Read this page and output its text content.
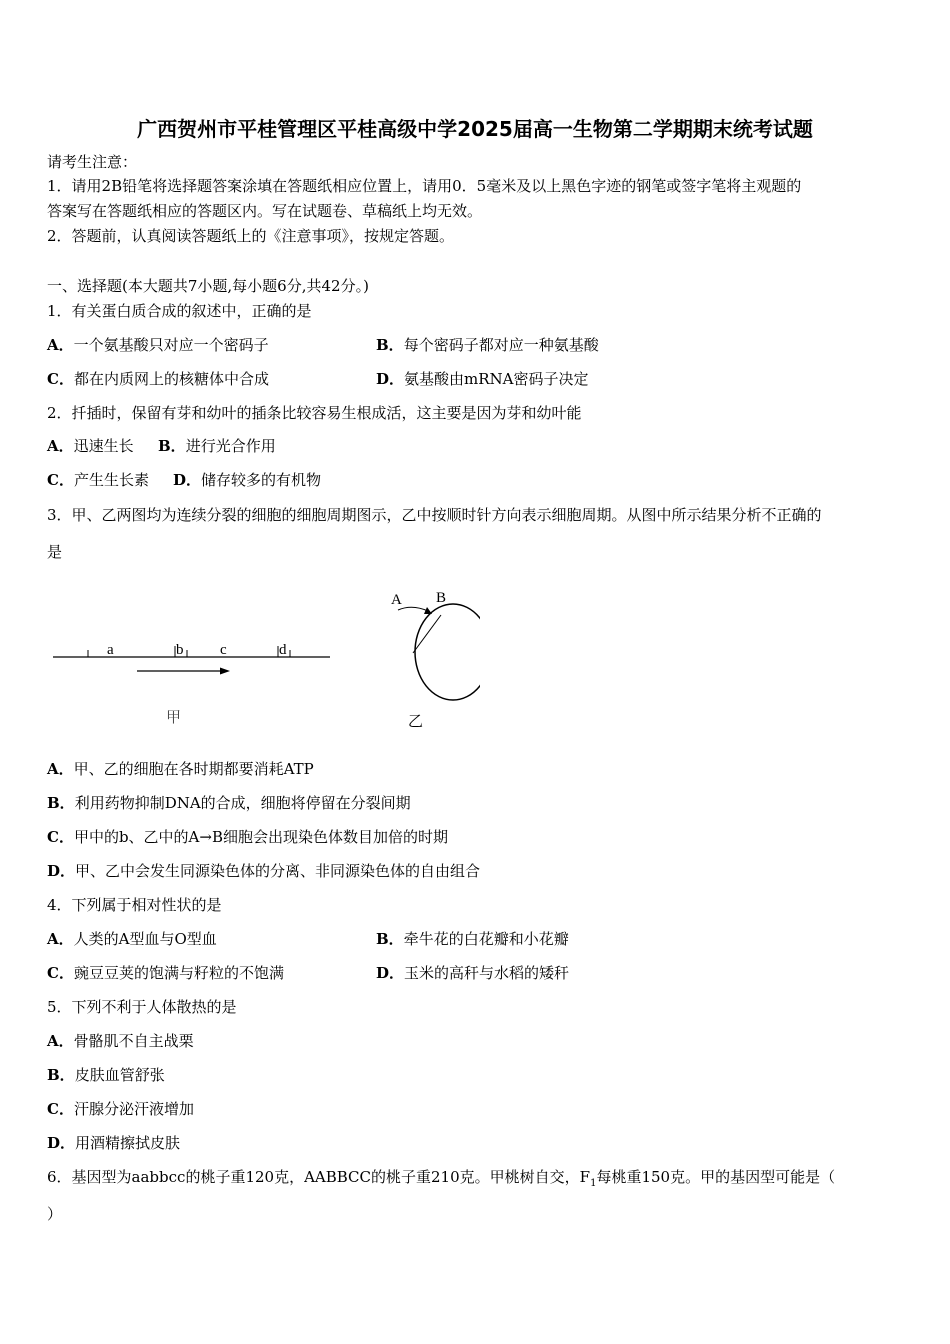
广西贺州市平桂管理区平桂高级中学2025届高一生物第二学期期末统考试题
请考生注意：
1．请用2B铅笔将选择题答案涂填在答题纸相应位置上，请用0．5毫米及以上黑色字迹的钢笔或签字笔将主观题的
答案写在答题纸相应的答题区内。写在试题卷、草稿纸上均无效。
2．答题前，认真阅读答题纸上的《注意事项》，按规定答题。
一、选择题(本大题共7小题,每小题6分,共42分。)
1．有关蛋白质合成的叙述中，正确的是
A．一个氨基酸只对应一个密码子	B．每个密码子都对应一种氨基酸
C．都在内质网上的核糖体中合成	D．氨基酸由mRNA密码子决定
2．扦插时，保留有芽和幼叶的插条比较容易生根成活，这主要是因为芽和幼叶能
A．迅速生长 B．进行光合作用
C．产生生长素 D．储存较多的有机物
3．甲、乙两图均为连续分裂的细胞的细胞周期图示，乙中按顺时针方向表示细胞周期。从图中所示结果分析不正确的
是
a	b c	d
甲
A B
乙
A．甲、乙的细胞在各时期都要消耗ATP
B．利用药物抑制DNA的合成，细胞将停留在分裂间期
C．甲中的b、乙中的A→B细胞会出现染色体数目加倍的时期
D．甲、乙中会发生同源染色体的分离、非同源染色体的自由组合
4．下列属于相对性状的是
A．人类的A型血与O型血	B．牵牛花的白花瓣和小花瓣
C．豌豆豆荚的饱满与籽粒的不饱满	D．玉米的高秆与水稻的矮秆
5．下列不利于人体散热的是
A．骨骼肌不自主战栗
B．皮肤血管舒张
C．汗腺分泌汗液增加
D．用酒精擦拭皮肤
6．基因型为aabbcc的桃子重120克，AABBCC的桃子重210克。甲桃树自交，$F_1$每桃重150克。甲的基因型可能是（
）
